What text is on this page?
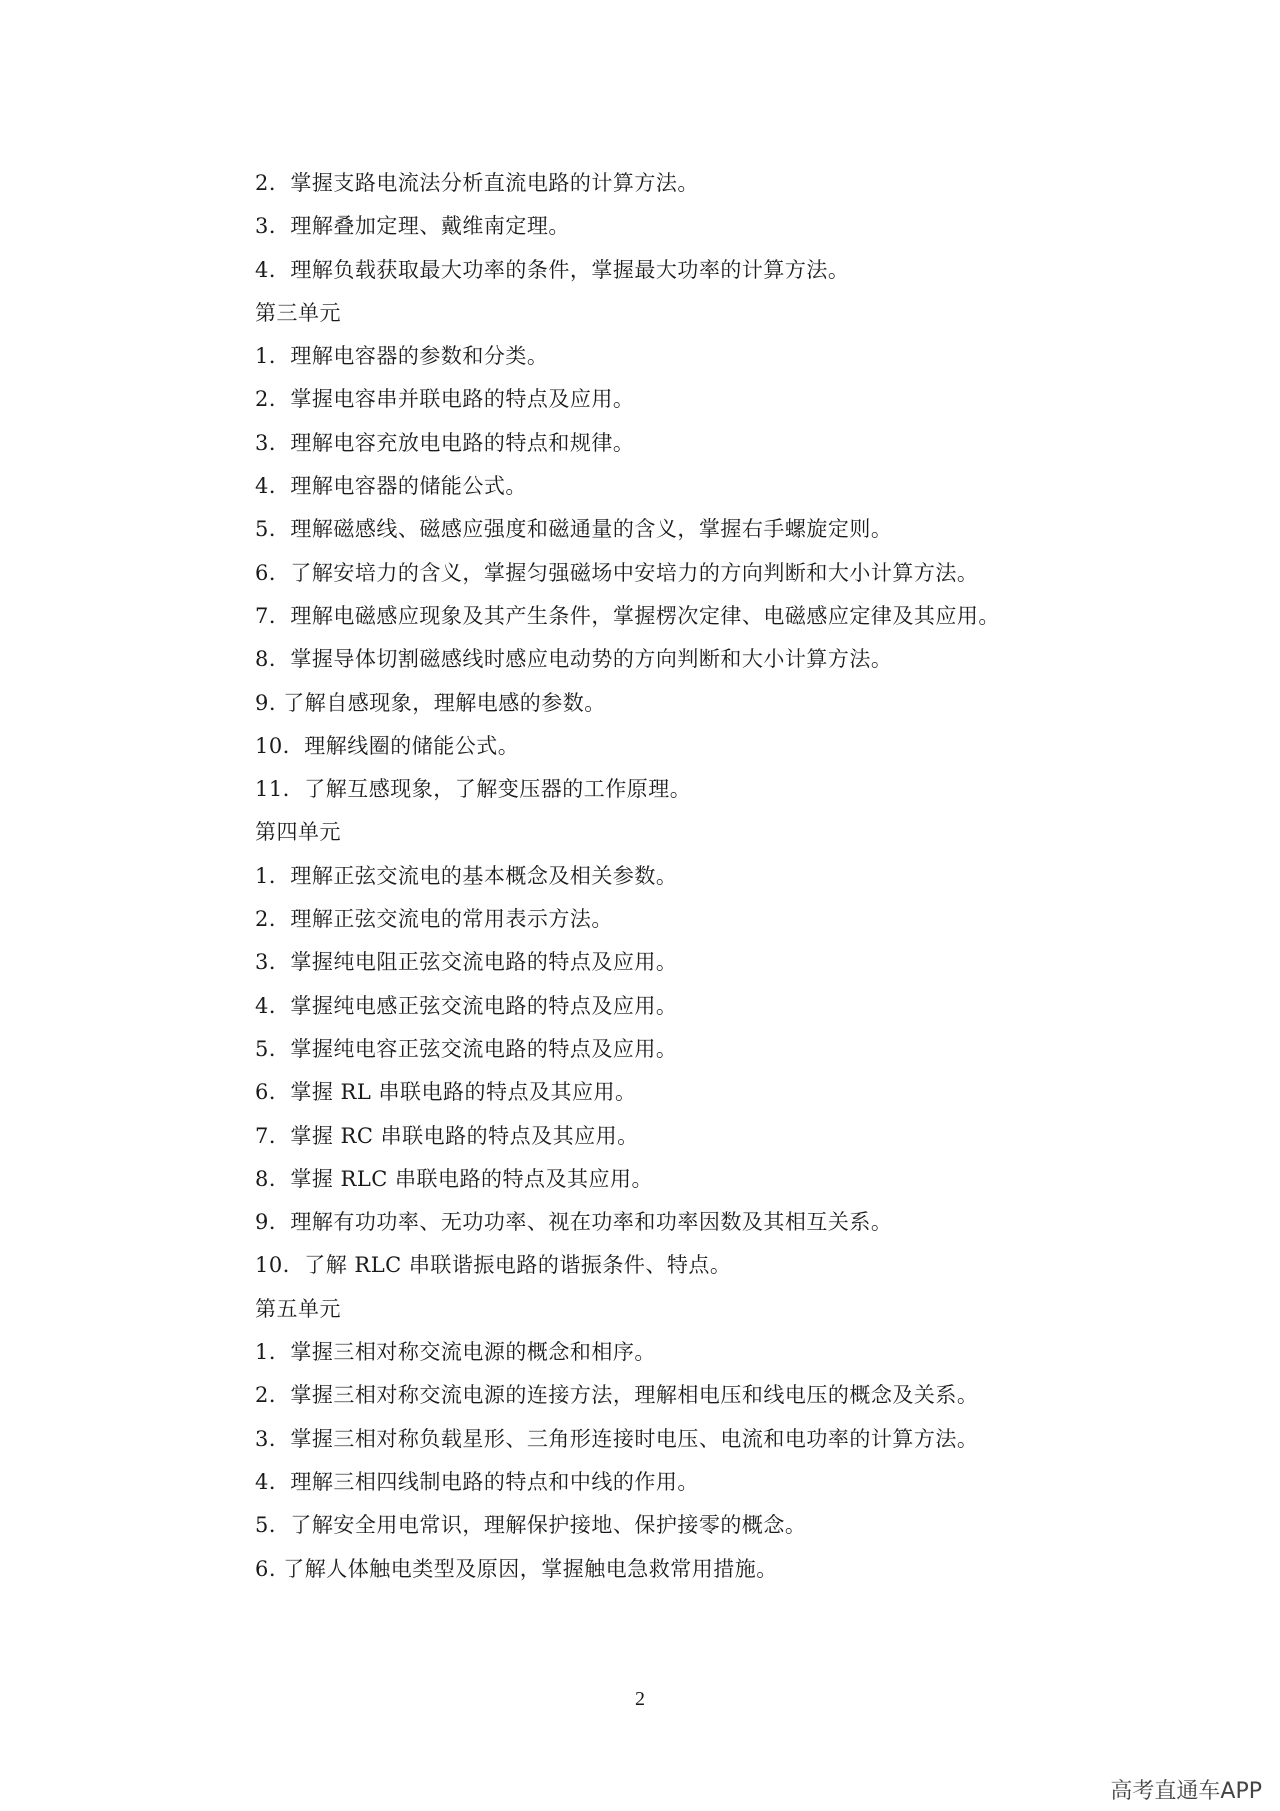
2．掌握支路电流法分析直流电路的计算方法。
3．理解叠加定理、戴维南定理。
4．理解负载获取最大功率的条件，掌握最大功率的计算方法。
第三单元
1．理解电容器的参数和分类。
2．掌握电容串并联电路的特点及应用。
3．理解电容充放电电路的特点和规律。
4．理解电容器的储能公式。
5．理解磁感线、磁感应强度和磁通量的含义，掌握右手螺旋定则。
6．了解安培力的含义，掌握匀强磁场中安培力的方向判断和大小计算方法。
7．理解电磁感应现象及其产生条件，掌握楞次定律、电磁感应定律及其应用。
8．掌握导体切割磁感线时感应电动势的方向判断和大小计算方法。
9. 了解自感现象，理解电感的参数。
10．理解线圈的储能公式。
11．了解互感现象，了解变压器的工作原理。
第四单元
1．理解正弦交流电的基本概念及相关参数。
2．理解正弦交流电的常用表示方法。
3．掌握纯电阻正弦交流电路的特点及应用。
4．掌握纯电感正弦交流电路的特点及应用。
5．掌握纯电容正弦交流电路的特点及应用。
6．掌握 RL 串联电路的特点及其应用。
7．掌握 RC 串联电路的特点及其应用。
8．掌握 RLC 串联电路的特点及其应用。
9．理解有功功率、无功功率、视在功率和功率因数及其相互关系。
10．了解 RLC 串联谐振电路的谐振条件、特点。
第五单元
1．掌握三相对称交流电源的概念和相序。
2．掌握三相对称交流电源的连接方法，理解相电压和线电压的概念及关系。
3．掌握三相对称负载星形、三角形连接时电压、电流和电功率的计算方法。
4．理解三相四线制电路的特点和中线的作用。
5．了解安全用电常识，理解保护接地、保护接零的概念。
6. 了解人体触电类型及原因，掌握触电急救常用措施。
2
高考直通车APP
